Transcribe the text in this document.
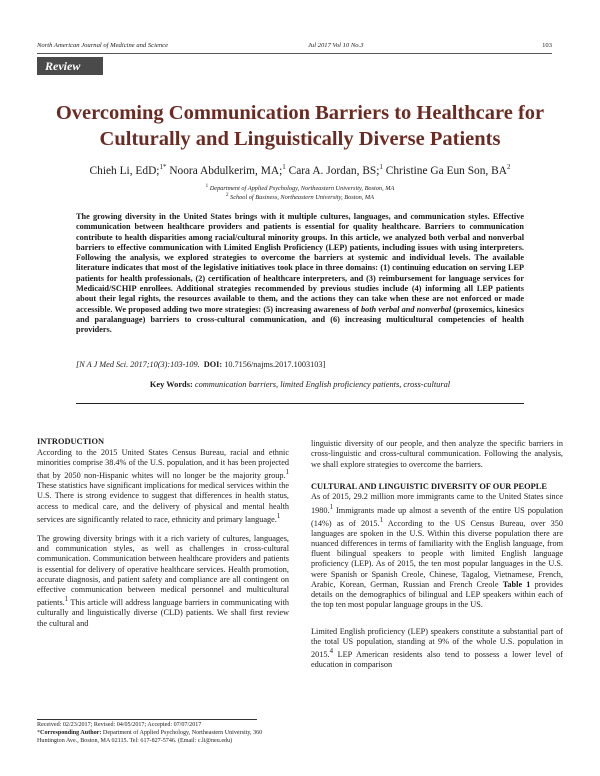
North American Journal of Medicine and Science	Jul 2017 Vol 10 No.3	103
Review
Overcoming Communication Barriers to Healthcare for Culturally and Linguistically Diverse Patients
Chieh Li, EdD;$^{1*}$ Noora Abdulkerim, MA;$^1$ Cara A. Jordan, BS;$^1$ Christine Ga Eun Son, $BA^2$
$^1$ Department of Applied Psychology, Northeastern University, Boston, MA
$^2$ School of Business, Northeastern University, Boston, MA
The growing diversity in the United States brings with it multiple cultures, languages, and communication styles. Effective communication between healthcare providers and patients is essential for quality healthcare. Barriers to communication contribute to health disparities among racial/cultural minority groups. In this article, we analyzed both verbal and nonverbal barriers to effective communication with Limited English Proficiency (LEP) patients, including issues with using interpreters. Following the analysis, we explored strategies to overcome the barriers at systemic and individual levels. The available literature indicates that most of the legislative initiatives took place in three domains: (1) continuing education on serving LEP patients for health professionals, (2) certification of healthcare interpreters, and (3) reimbursement for language services for Medicaid/SCHIP enrollees. Additional strategies recommended by previous studies include (4) informing all LEP patients about their legal rights, the resources available to them, and the actions they can take when these are not enforced or made accessible. We proposed adding two more strategies: (5) increasing awareness of both verbal and nonverbal (proxemics, kinesics and paralanguage) barriers to cross-cultural communication, and (6) increasing multicultural competencies of health providers.
[N A J Med Sci. 2017;10(3):103-109. DOI: 10.7156/najms.2017.1003103]
Key Words: communication barriers, limited English proficiency patients, cross-cultural
INTRODUCTION

According to the 2015 United States Census Bureau, racial and ethnic minorities comprise 38.4% of the U.S. population, and it has been projected that by 2050 non-Hispanic whites will no longer be the majority group.$^1$ These statistics have significant implications for medical services within the U.S. There is strong evidence to suggest that differences in health status, access to medical care, and the delivery of physical and mental health services are significantly related to race, ethnicity and primary language.$^1$

The growing diversity brings with it a rich variety of cultures, languages, and communication styles, as well as challenges in cross-cultural communication. Communication between healthcare providers and patients is essential for delivery of operative healthcare services. Health promotion, accurate diagnosis, and patient safety and compliance are all contingent on effective communication between medical personnel and multicultural patients.$^1$ This article will address language barriers in communicating with culturally and linguistically diverse (CLD) patients. We shall first review the cultural and

linguistic diversity of our people, and then analyze the specific barriers in cross-linguistic and cross-cultural communication. Following the analysis, we shall explore strategies to overcome the barriers.

CULTURAL AND LINGUISTIC DIVERSITY OF OUR PEOPLE

As of 2015, 29.2 million more immigrants came to the United States since 1980.$^1$ Immigrants made up almost a seventh of the entire US population (14%) as of 2015.$^1$ According to the US Census Bureau, over 350 languages are spoken in the U.S. Within this diverse population there are nuanced differences in terms of familiarity with the English language, from fluent bilingual speakers to people with limited English language proficiency (LEP). As of 2015, the ten most popular languages in the U.S. were Spanish or Spanish Creole, Chinese, Tagalog, Vietnamese, French, Arabic, Korean, German, Russian and French Creole Table 1 provides details on the demographics of bilingual and LEP speakers within each of the top ten most popular language groups in the US.

Limited English proficiency (LEP) speakers constitute a substantial part of the total US population, standing at 9% of the whole U.S. population in 2015.$^4$ LEP American residents also tend to possess a lower level of education in comparison

Received: 02/23/2017; Revised: 04/05/2017; Accepted: 07/07/2017
*Corresponding Author: Department of Applied Psychology, Northeastern University, 360 Huntington Ave., Boston, MA 02115. Tel: 617-827-5746. (Email: c.li@neu.edu)
